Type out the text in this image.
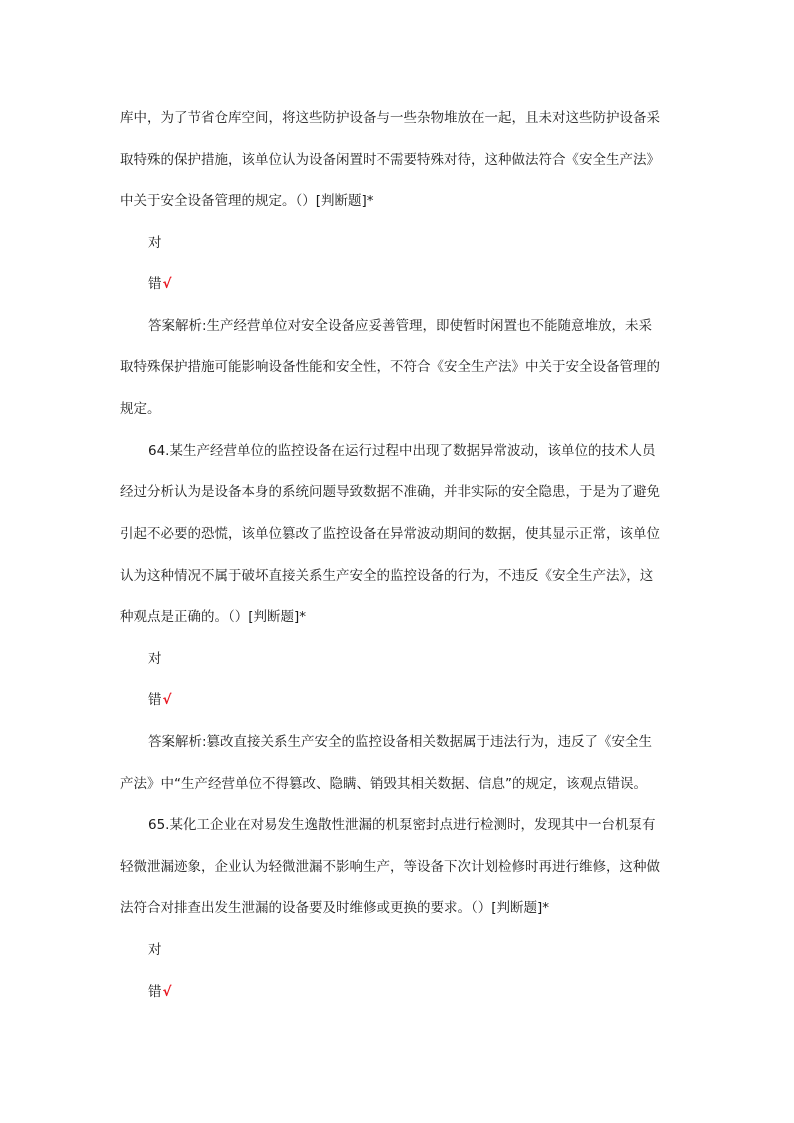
库中，为了节省仓库空间，将这些防护设备与一些杂物堆放在一起，且未对这些防护设备采
取特殊的保护措施，该单位认为设备闲置时不需要特殊对待，这种做法符合《安全生产法》
中关于安全设备管理的规定。（）[判断题]*
对
错√
答案解析:生产经营单位对安全设备应妥善管理，即使暂时闲置也不能随意堆放，未采
取特殊保护措施可能影响设备性能和安全性，不符合《安全生产法》中关于安全设备管理的
规定。
64.某生产经营单位的监控设备在运行过程中出现了数据异常波动，该单位的技术人员
经过分析认为是设备本身的系统问题导致数据不准确，并非实际的安全隐患，于是为了避免
引起不必要的恐慌，该单位篡改了监控设备在异常波动期间的数据，使其显示正常，该单位
认为这种情况不属于破坏直接关系生产安全的监控设备的行为，不违反《安全生产法》，这
种观点是正确的。（）[判断题]*
对
错√
答案解析:篡改直接关系生产安全的监控设备相关数据属于违法行为，违反了《安全生
产法》中“生产经营单位不得篡改、隐瞒、销毁其相关数据、信息”的规定，该观点错误。
65.某化工企业在对易发生逸散性泄漏的机泵密封点进行检测时，发现其中一台机泵有
轻微泄漏迹象，企业认为轻微泄漏不影响生产，等设备下次计划检修时再进行维修，这种做
法符合对排查出发生泄漏的设备要及时维修或更换的要求。（）[判断题]*
对
错√
